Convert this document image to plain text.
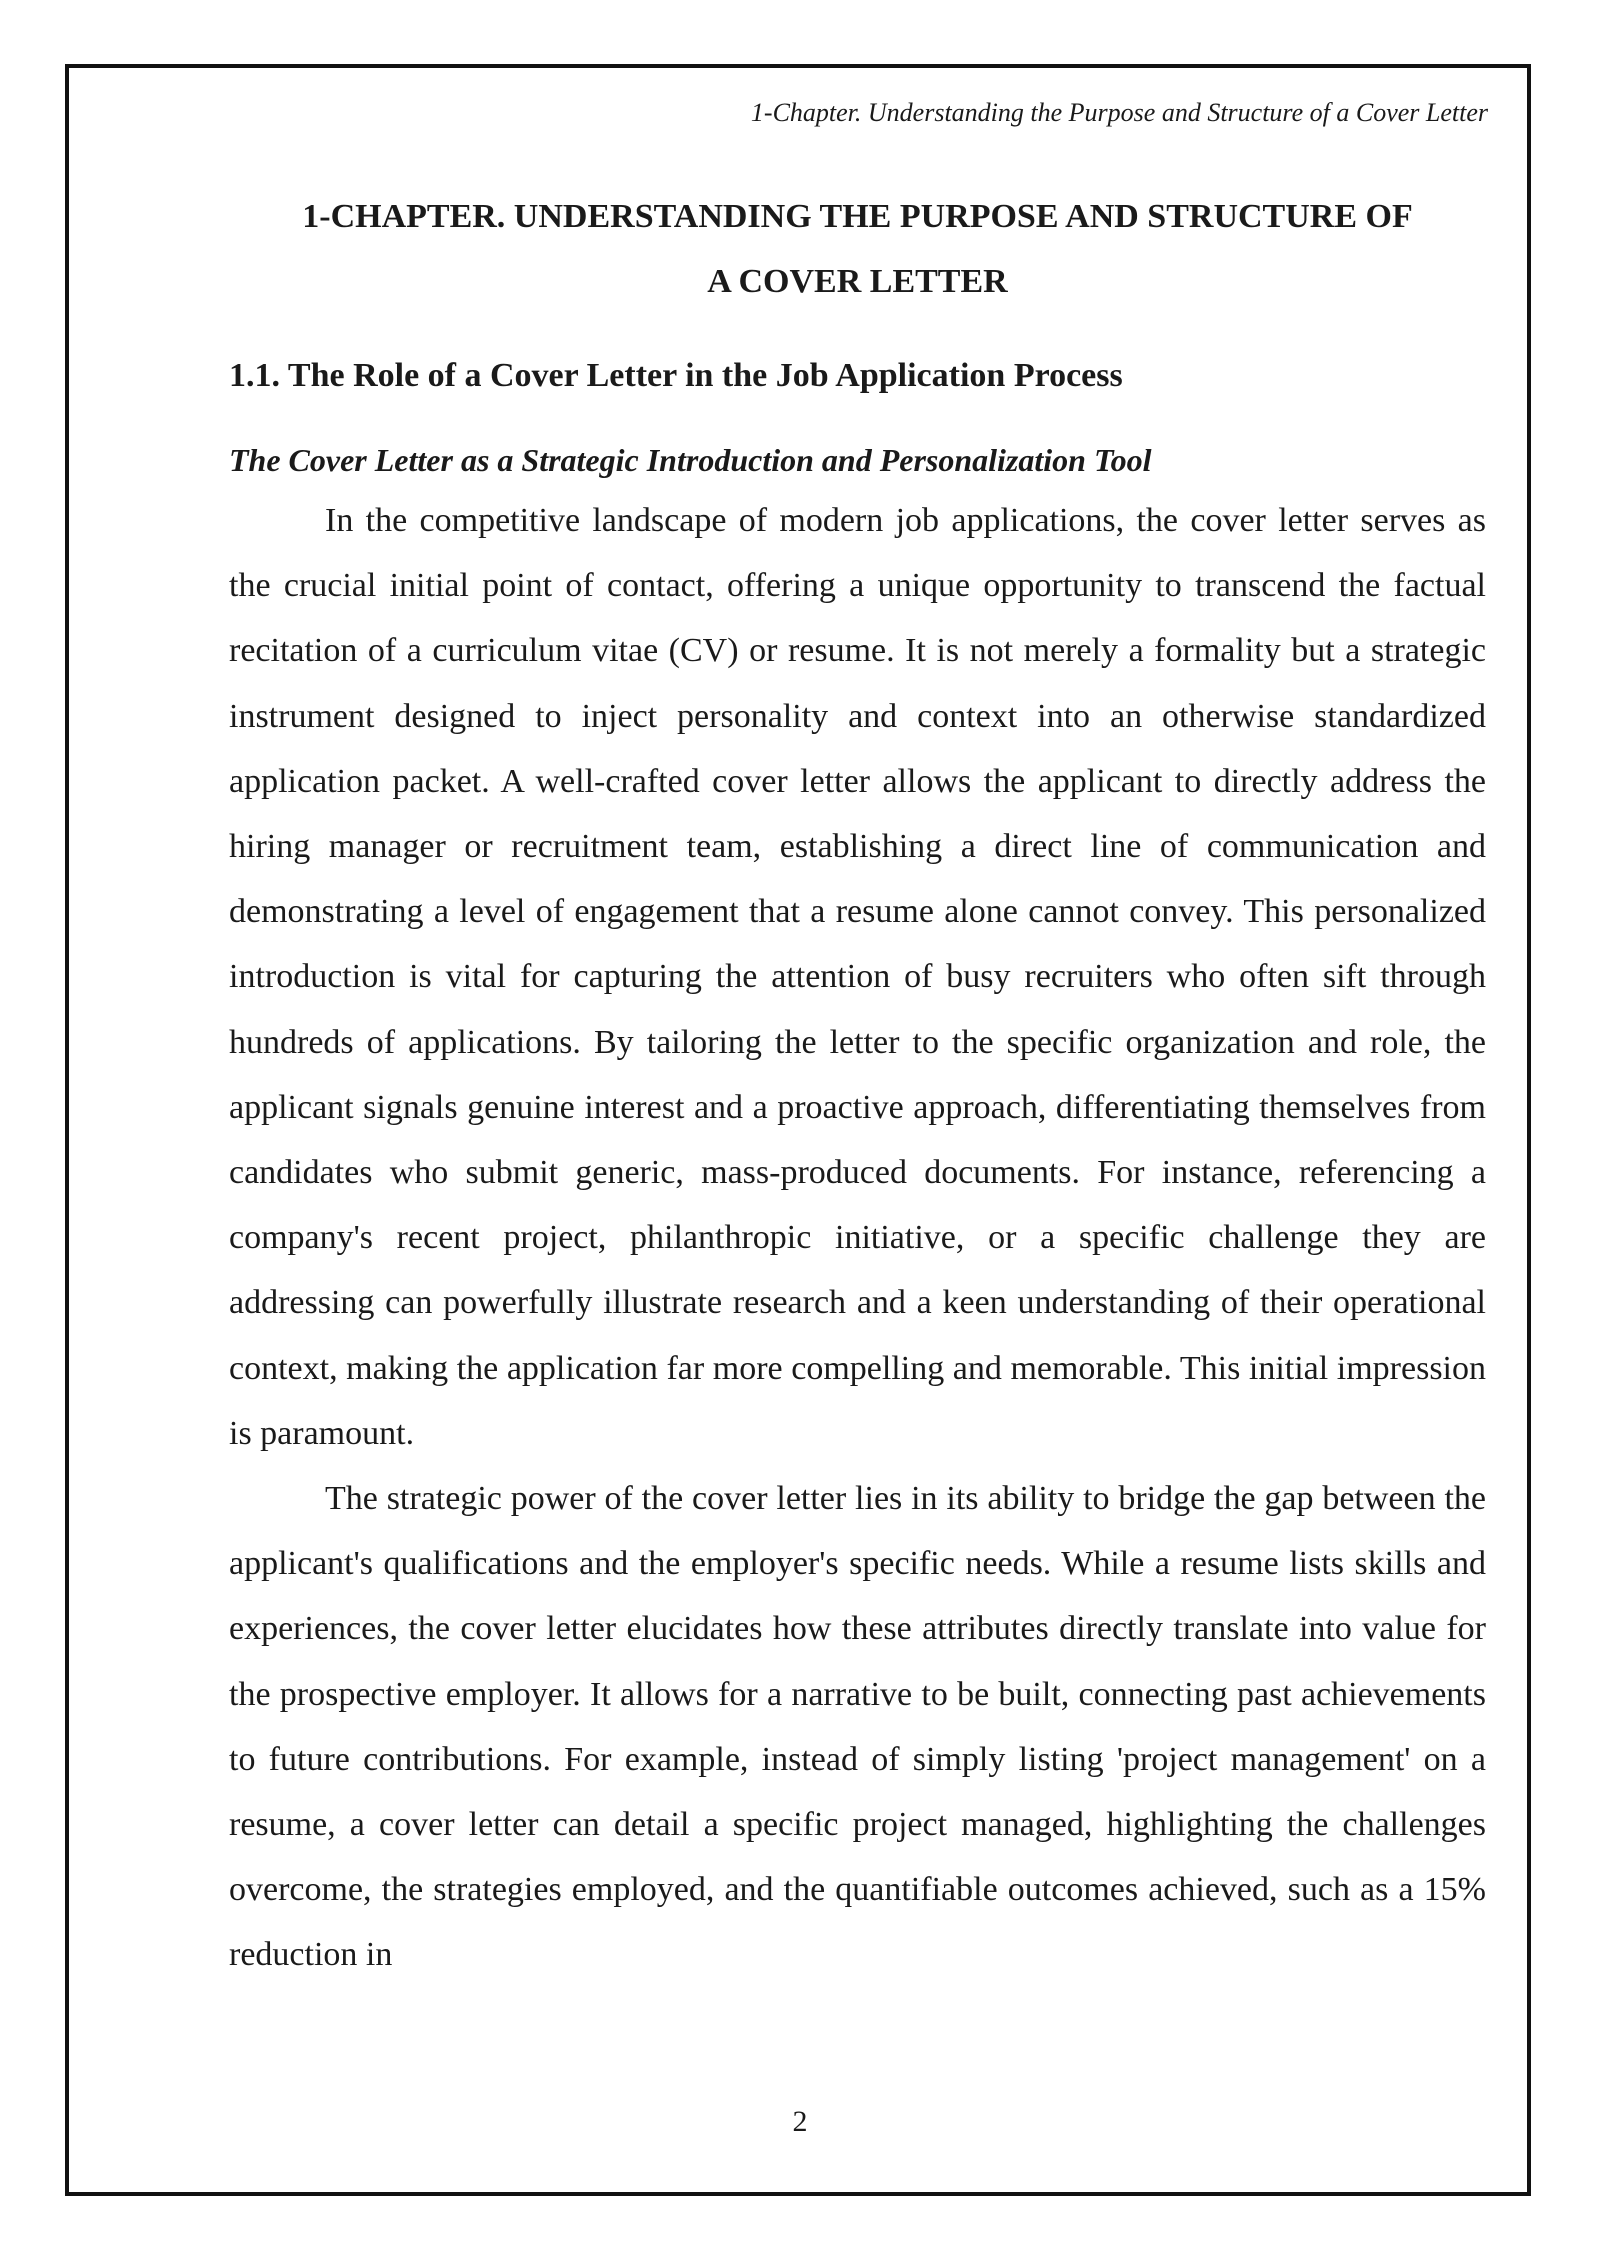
1-Chapter. Understanding the Purpose and Structure of a Cover Letter
1-CHAPTER. UNDERSTANDING THE PURPOSE AND STRUCTURE OF
A COVER LETTER
1.1. The Role of a Cover Letter in the Job Application Process
The Cover Letter as a Strategic Introduction and Personalization Tool

In the competitive landscape of modern job applications, the cover letter serves as the crucial initial point of contact, offering a unique opportunity to transcend the factual recitation of a curriculum vitae (CV) or resume. It is not merely a formality but a strategic instrument designed to inject personality and context into an otherwise standardized application packet. A well-crafted cover letter allows the applicant to directly address the hiring manager or recruitment team, establishing a direct line of communication and demonstrating a level of engagement that a resume alone cannot convey. This personalized introduction is vital for capturing the attention of busy recruiters who often sift through hundreds of applications. By tailoring the letter to the specific organization and role, the applicant signals genuine interest and a proactive approach, differentiating themselves from candidates who submit generic, mass-produced documents. For instance, referencing a company's recent project, philanthropic initiative, or a specific challenge they are addressing can powerfully illustrate research and a keen understanding of their operational context, making the application far more compelling and memorable. This initial impression is paramount.

The strategic power of the cover letter lies in its ability to bridge the gap between the applicant's qualifications and the employer's specific needs. While a resume lists skills and experiences, the cover letter elucidates how these attributes directly translate into value for the prospective employer. It allows for a narrative to be built, connecting past achievements to future contributions. For example, instead of simply listing 'project management' on a resume, a cover letter can detail a specific project managed, highlighting the challenges overcome, the strategies employed, and the quantifiable outcomes achieved, such as a 15% reduction in

2
